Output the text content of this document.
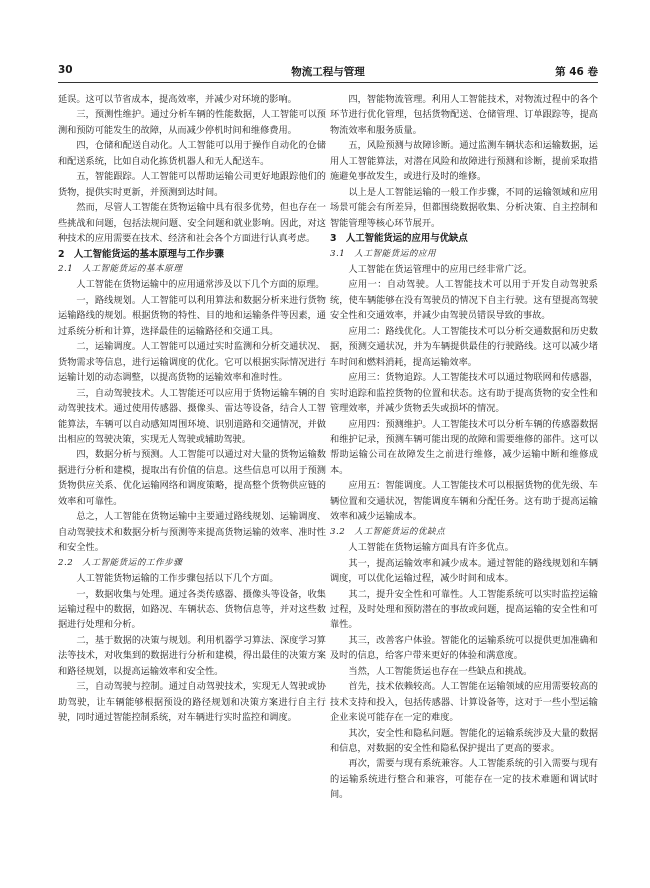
30	物流工程与管理	第 46 卷

延误。这可以节省成本，提高效率，并减少对环境的影响。

三，预测性维护。通过分析车辆的性能数据，人工智能可以预测和预防可能发生的故障，从而减少停机时间和维修费用。

四，仓储和配送自动化。人工智能可以用于操作自动化的仓储和配送系统，比如自动化拣货机器人和无人配送车。

五，智能跟踪。人工智能可以帮助运输公司更好地跟踪他们的货物，提供实时更新，并预测到达时间。

然而，尽管人工智能在货物运输中具有很多优势，但也存在一些挑战和问题，包括法规问题、安全问题和就业影响。因此，对这种技术的应用需要在技术、经济和社会各个方面进行认真考虑。

2　人工智能货运的基本原理与工作步骤

2.1　人工智能货运的基本原理

人工智能在货物运输中的应用通常涉及以下几个方面的原理。

一，路线规划。人工智能可以利用算法和数据分析来进行货物运输路线的规划。根据货物的特性、目的地和运输条件等因素，通过系统分析和计算，选择最佳的运输路径和交通工具。

二，运输调度。人工智能可以通过实时监测和分析交通状况、货物需求等信息，进行运输调度的优化。它可以根据实际情况进行运输计划的动态调整，以提高货物的运输效率和准时性。

三，自动驾驶技术。人工智能还可以应用于货物运输车辆的自动驾驶技术。通过使用传感器、摄像头、雷达等设备，结合人工智能算法，车辆可以自动感知周围环境、识别道路和交通情况，并做出相应的驾驶决策，实现无人驾驶或辅助驾驶。

四，数据分析与预测。人工智能可以通过对大量的货物运输数据进行分析和建模，提取出有价值的信息。这些信息可以用于预测货物供应关系、优化运输网络和调度策略，提高整个货物供应链的效率和可靠性。

总之，人工智能在货物运输中主要通过路线规划、运输调度、自动驾驶技术和数据分析与预测等来提高货物运输的效率、准时性和安全性。

2.2　人工智能货运的工作步骤

人工智能货物运输的工作步骤包括以下几个方面。

一，数据收集与处理。通过各类传感器、摄像头等设备，收集运输过程中的数据，如路况、车辆状态、货物信息等，并对这些数据进行处理和分析。

二，基于数据的决策与规划。利用机器学习算法、深度学习算法等技术，对收集到的数据进行分析和建模，得出最佳的决策方案和路径规划，以提高运输效率和安全性。

三，自动驾驶与控制。通过自动驾驶技术，实现无人驾驶或协助驾驶，让车辆能够根据预设的路径规划和决策方案进行自主行驶，同时通过智能控制系统，对车辆进行实时监控和调度。

四，智能物流管理。利用人工智能技术，对物流过程中的各个环节进行优化管理，包括货物配送、仓储管理、订单跟踪等，提高物流效率和服务质量。

五，风险预测与故障诊断。通过监测车辆状态和运输数据，运用人工智能算法，对潜在风险和故障进行预测和诊断，提前采取措施避免事故发生，或进行及时的维修。

以上是人工智能运输的一般工作步骤，不同的运输领域和应用场景可能会有所差异，但都围绕数据收集、分析决策、自主控制和智能管理等核心环节展开。

3　人工智能货运的应用与优缺点

3.1　人工智能货运的应用

人工智能在货运管理中的应用已经非常广泛。

应用一：自动驾驶。人工智能技术可以用于开发自动驾驶系统，使车辆能够在没有驾驶员的情况下自主行驶。这有望提高驾驶安全性和交通效率，并减少由驾驶员错误导致的事故。

应用二：路线优化。人工智能技术可以分析交通数据和历史数据，预测交通状况，并为车辆提供最佳的行驶路线。这可以减少堵车时间和燃料消耗，提高运输效率。

应用三：货物追踪。人工智能技术可以通过物联网和传感器，实时追踪和监控货物的位置和状态。这有助于提高货物的安全性和管理效率，并减少货物丢失或损坏的情况。

应用四：预测维护。人工智能技术可以分析车辆的传感器数据和维护记录，预测车辆可能出现的故障和需要维修的部件。这可以帮助运输公司在故障发生之前进行维修，减少运输中断和维修成本。

应用五：智能调度。人工智能技术可以根据货物的优先级、车辆位置和交通状况，智能调度车辆和分配任务。这有助于提高运输效率和减少运输成本。

3.2　人工智能货运的优缺点

人工智能在货物运输方面具有许多优点。

其一，提高运输效率和减少成本。通过智能的路线规划和车辆调度，可以优化运输过程，减少时间和成本。

其二，提升安全性和可靠性。人工智能系统可以实时监控运输过程，及时处理和预防潜在的事故或问题，提高运输的安全性和可靠性。

其三，改善客户体验。智能化的运输系统可以提供更加准确和及时的信息，给客户带来更好的体验和满意度。

当然，人工智能货运也存在一些缺点和挑战。

首先，技术依赖较高。人工智能在运输领域的应用需要较高的技术支持和投入，包括传感器、计算设备等，这对于一些小型运输企业来说可能存在一定的难度。

其次，安全性和隐私问题。智能化的运输系统涉及大量的数据和信息，对数据的安全性和隐私保护提出了更高的要求。

再次，需要与现有系统兼容。人工智能系统的引入需要与现有的运输系统进行整合和兼容，可能存在一定的技术难题和调试时间。
